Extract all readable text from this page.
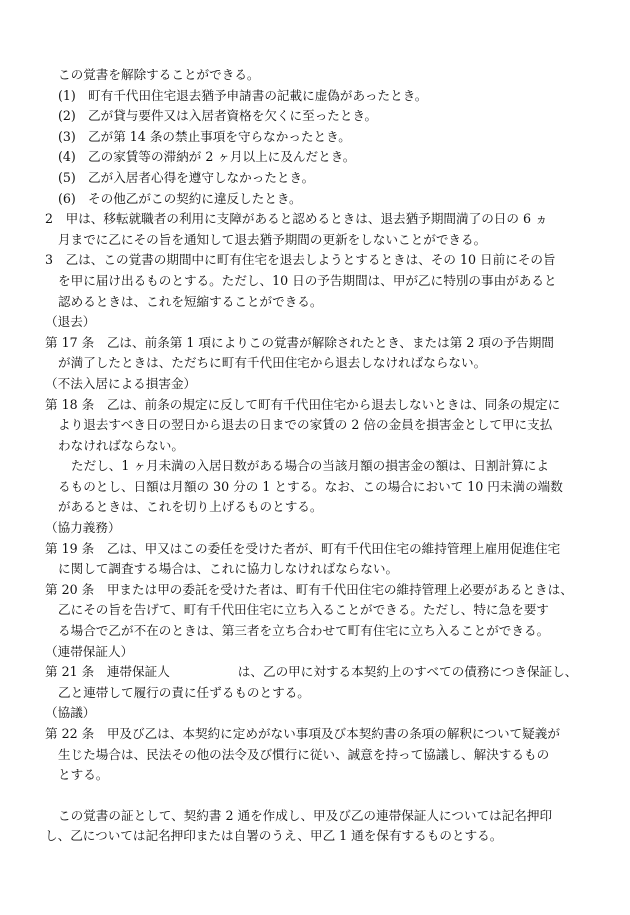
この覚書を解除することができる。
(1) 町有千代田住宅退去猶予申請書の記載に虚偽があったとき。
(2) 乙が貸与要件又は入居者資格を欠くに至ったとき。
(3) 乙が第 14 条の禁止事項を守らなかったとき。
(4) 乙の家賃等の滞納が 2 ヶ月以上に及んだとき。
(5) 乙が入居者心得を遵守しなかったとき。
(6) その他乙がこの契約に違反したとき。
2　甲は、移転就職者の利用に支障があると認めるときは、退去猶予期間満了の日の 6 ヵ
月までに乙にその旨を通知して退去猶予期間の更新をしないことができる。
3　乙は、この覚書の期間中に町有住宅を退去しようとするときは、その 10 日前にその旨
を甲に届け出るものとする。ただし、10 日の予告期間は、甲が乙に特別の事由があると
認めるときは、これを短縮することができる。
（退去）
第 17 条　乙は、前条第 1 項によりこの覚書が解除されたとき、または第 2 項の予告期間
が満了したときは、ただちに町有千代田住宅から退去しなければならない。
（不法入居による損害金）
第 18 条　乙は、前条の規定に反して町有千代田住宅から退去しないときは、同条の規定に
より退去すべき日の翌日から退去の日までの家賃の 2 倍の金員を損害金として甲に支払
わなければならない。
ただし、1 ヶ月未満の入居日数がある場合の当該月額の損害金の額は、日割計算によ
るものとし、日額は月額の 30 分の 1 とする。なお、この場合において 10 円未満の端数
があるときは、これを切り上げるものとする。
（協力義務）
第 19 条　乙は、甲又はこの委任を受けた者が、町有千代田住宅の維持管理上雇用促進住宅
に関して調査する場合は、これに協力しなければならない。
第 20 条　甲または甲の委託を受けた者は、町有千代田住宅の維持管理上必要があるときは、
乙にその旨を告げて、町有千代田住宅に立ち入ることができる。ただし、特に急を要す
る場合で乙が不在のときは、第三者を立ち合わせて町有住宅に立ち入ることができる。
（連帯保証人）
第 21 条　連帯保証人	は、乙の甲に対する本契約上のすべての債務につき保証し、
乙と連帯して履行の責に任ずるものとする。
（協議）
第 22 条　甲及び乙は、本契約に定めがない事項及び本契約書の条項の解釈について疑義が
生じた場合は、民法その他の法令及び慣行に従い、誠意を持って協議し、解決するもの
とする。
この覚書の証として、契約書 2 通を作成し、甲及び乙の連帯保証人については記名押印
し、乙については記名押印または自署のうえ、甲乙 1 通を保有するものとする。
